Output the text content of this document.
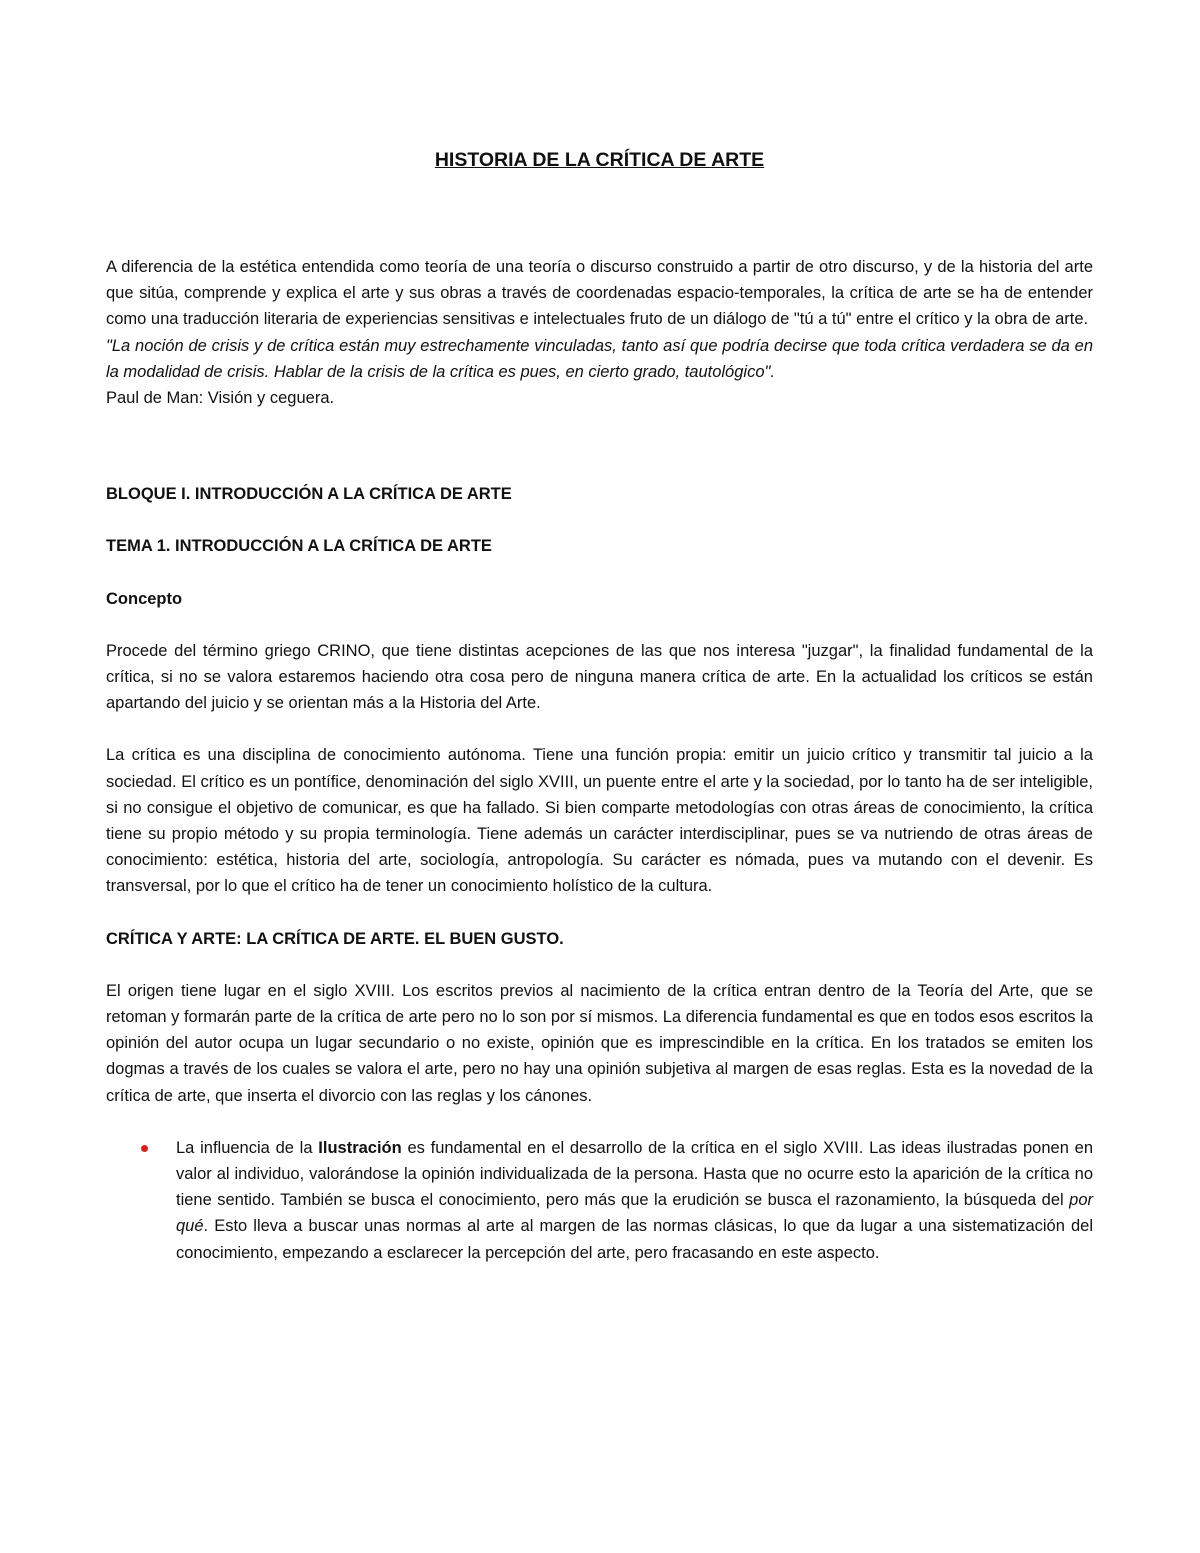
HISTORIA DE LA CRÍTICA DE ARTE

A diferencia de la estética entendida como teoría de una teoría o discurso construido a partir de otro discurso, y de la historia del arte que sitúa, comprende y explica el arte y sus obras a través de coordenadas espacio-temporales, la crítica de arte se ha de entender como una traducción literaria de experiencias sensitivas e intelectuales fruto de un diálogo de "tú a tú" entre el crítico y la obra de arte.

"La noción de crisis y de crítica están muy estrechamente vinculadas, tanto así que podría decirse que toda crítica verdadera se da en la modalidad de crisis. Hablar de la crisis de la crítica es pues, en cierto grado, tautológico".

Paul de Man: Visión y ceguera.

BLOQUE I. INTRODUCCIÓN A LA CRÍTICA DE ARTE

TEMA 1. INTRODUCCIÓN A LA CRÍTICA DE ARTE

Concepto

Procede del término griego CRINO, que tiene distintas acepciones de las que nos interesa "juzgar", la finalidad fundamental de la crítica, si no se valora estaremos haciendo otra cosa pero de ninguna manera crítica de arte. En la actualidad los críticos se están apartando del juicio y se orientan más a la Historia del Arte.

La crítica es una disciplina de conocimiento autónoma. Tiene una función propia: emitir un juicio crítico y transmitir tal juicio a la sociedad. El crítico es un pontífice, denominación del siglo XVIII, un puente entre el arte y la sociedad, por lo tanto ha de ser inteligible, si no consigue el objetivo de comunicar, es que ha fallado. Si bien comparte metodologías con otras áreas de conocimiento, la crítica tiene su propio método y su propia terminología. Tiene además un carácter interdisciplinar, pues se va nutriendo de otras áreas de conocimiento: estética, historia del arte, sociología, antropología. Su carácter es nómada, pues va mutando con el devenir. Es transversal, por lo que el crítico ha de tener un conocimiento holístico de la cultura.

CRÍTICA Y ARTE: LA CRÍTICA DE ARTE. EL BUEN GUSTO.

El origen tiene lugar en el siglo XVIII. Los escritos previos al nacimiento de la crítica entran dentro de la Teoría del Arte, que se retoman y formarán parte de la crítica de arte pero no lo son por sí mismos. La diferencia fundamental es que en todos esos escritos la opinión del autor ocupa un lugar secundario o no existe, opinión que es imprescindible en la crítica. En los tratados se emiten los dogmas a través de los cuales se valora el arte, pero no hay una opinión subjetiva al margen de esas reglas. Esta es la novedad de la crítica de arte, que inserta el divorcio con las reglas y los cánones.

La influencia de la Ilustración es fundamental en el desarrollo de la crítica en el siglo XVIII. Las ideas ilustradas ponen en valor al individuo, valorándose la opinión individualizada de la persona. Hasta que no ocurre esto la aparición de la crítica no tiene sentido. También se busca el conocimiento, pero más que la erudición se busca el razonamiento, la búsqueda del por qué. Esto lleva a buscar unas normas al arte al margen de las normas clásicas, lo que da lugar a una sistematización del conocimiento, empezando a esclarecer la percepción del arte, pero fracasando en este aspecto.
